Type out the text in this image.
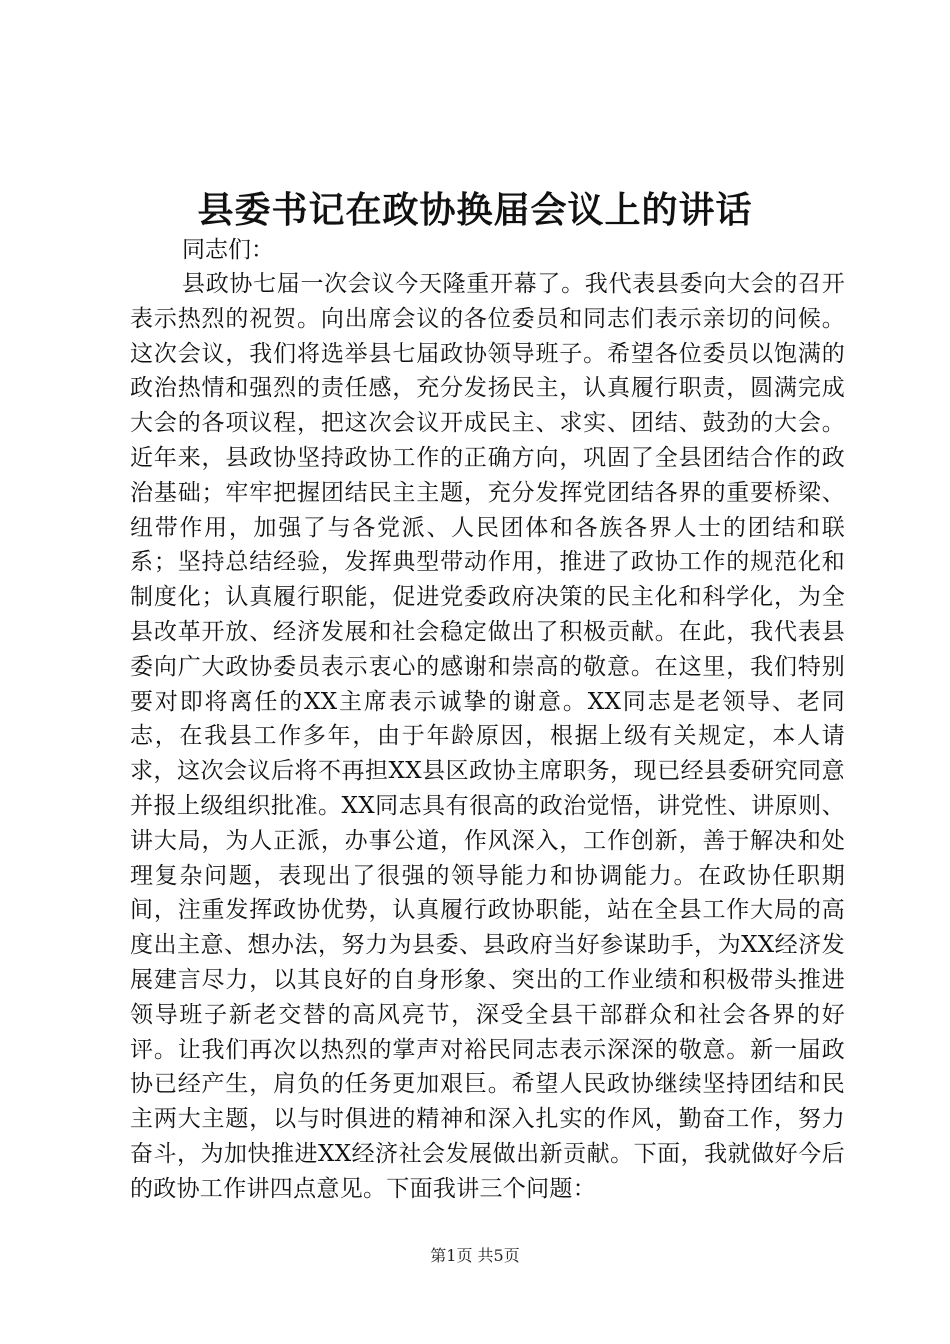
县委书记在政协换届会议上的讲话

同志们：

县政协七届一次会议今天隆重开幕了。我代表县委向大会的召开表示热烈的祝贺。向出席会议的各位委员和同志们表示亲切的问候。这次会议，我们将选举县七届政协领导班子。希望各位委员以饱满的政治热情和强烈的责任感，充分发扬民主，认真履行职责，圆满完成大会的各项议程，把这次会议开成民主、求实、团结、鼓劲的大会。近年来，县政协坚持政协工作的正确方向，巩固了全县团结合作的政治基础；牢牢把握团结民主主题，充分发挥党团结各界的重要桥梁、纽带作用，加强了与各党派、人民团体和各族各界人士的团结和联系；坚持总结经验，发挥典型带动作用，推进了政协工作的规范化和制度化；认真履行职能，促进党委政府决策的民主化和科学化，为全县改革开放、经济发展和社会稳定做出了积极贡献。在此，我代表县委向广大政协委员表示衷心的感谢和崇高的敬意。在这里，我们特别要对即将离任的XX主席表示诚挚的谢意。XX同志是老领导、老同志，在我县工作多年，由于年龄原因，根据上级有关规定，本人请求，这次会议后将不再担XX县区政协主席职务，现已经县委研究同意并报上级组织批准。XX同志具有很高的政治觉悟，讲党性、讲原则、讲大局，为人正派，办事公道，作风深入，工作创新，善于解决和处理复杂问题，表现出了很强的领导能力和协调能力。在政协任职期间，注重发挥政协优势，认真履行政协职能，站在全县工作大局的高度出主意、想办法，努力为县委、县政府当好参谋助手，为XX经济发展建言尽力，以其良好的自身形象、突出的工作业绩和积极带头推进领导班子新老交替的高风亮节，深受全县干部群众和社会各界的好评。让我们再次以热烈的掌声对裕民同志表示深深的敬意。新一届政协已经产生，肩负的任务更加艰巨。希望人民政协继续坚持团结和民主两大主题，以与时俱进的精神和深入扎实的作风，勤奋工作，努力奋斗，为加快推进XX经济社会发展做出新贡献。下面，我就做好今后的政协工作讲四点意见。下面我讲三个问题：

第1页 共5页
